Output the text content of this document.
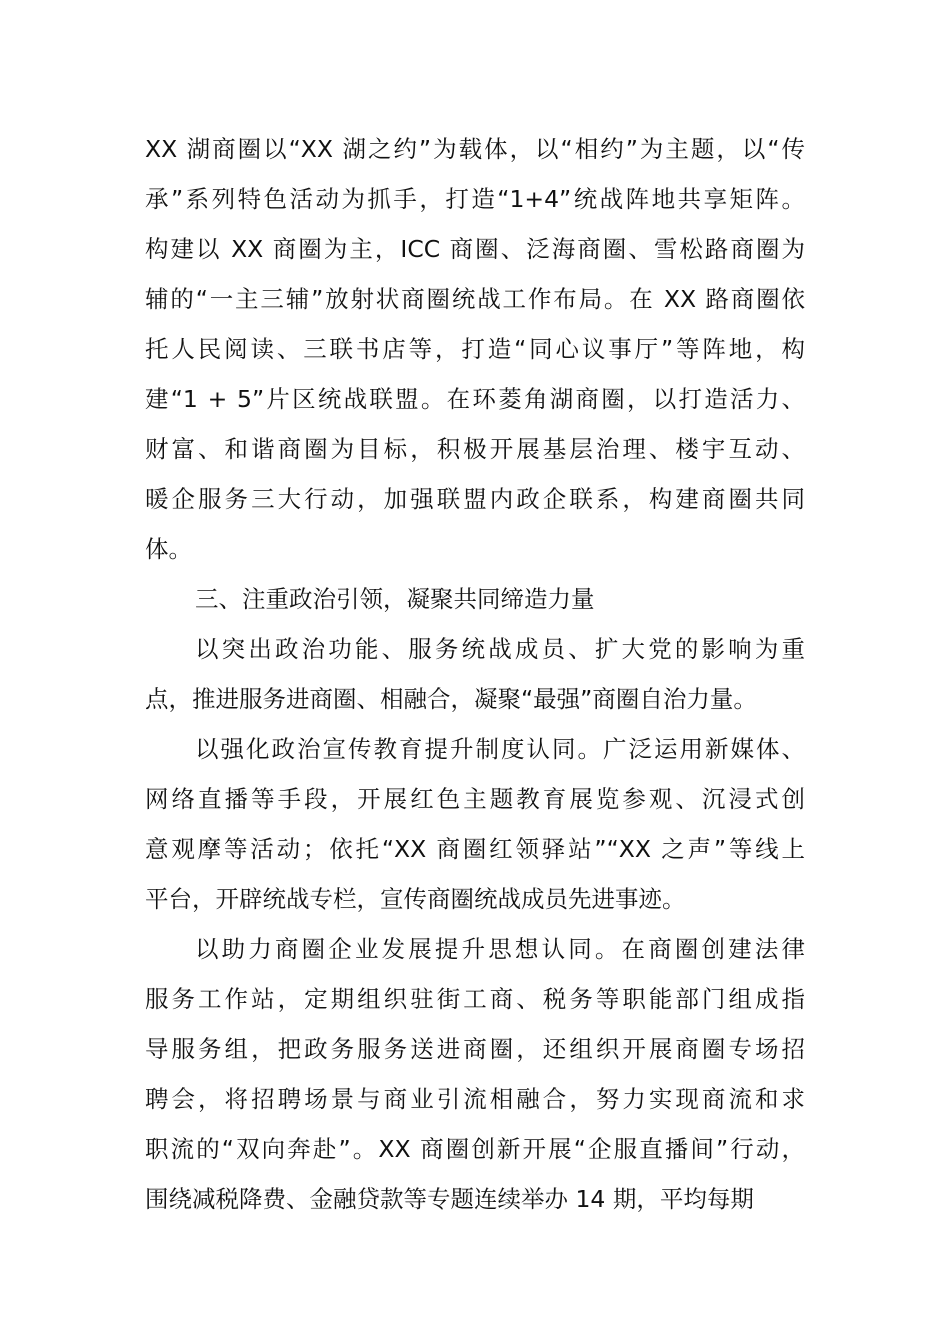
XX 湖商圈以“XX 湖之约”为载体，以“相约”为主题，以“传
承”系列特色活动为抓手，打造“1+4”统战阵地共享矩阵。
构建以 XX 商圈为主，ICC 商圈、泛海商圈、雪松路商圈为
辅的“一主三辅”放射状商圈统战工作布局。在 XX 路商圈依
托人民阅读、三联书店等，打造“同心议事厅”等阵地，构
建“1 + 5”片区统战联盟。在环菱角湖商圈，以打造活力、
财富、和谐商圈为目标，积极开展基层治理、楼宇互动、
暖企服务三大行动，加强联盟内政企联系，构建商圈共同
体。
三、注重政治引领，凝聚共同缔造力量
以突出政治功能、服务统战成员、扩大党的影响为重
点，推进服务进商圈、相融合，凝聚“最强”商圈自治力量。
以强化政治宣传教育提升制度认同。广泛运用新媒体、
网络直播等手段，开展红色主题教育展览参观、沉浸式创
意观摩等活动；依托“XX 商圈红领驿站”“XX 之声”等线上
平台，开辟统战专栏，宣传商圈统战成员先进事迹。
以助力商圈企业发展提升思想认同。在商圈创建法律
服务工作站，定期组织驻街工商、税务等职能部门组成指
导服务组，把政务服务送进商圈，还组织开展商圈专场招
聘会，将招聘场景与商业引流相融合，努力实现商流和求
职流的“双向奔赴”。XX 商圈创新开展“企服直播间”行动，
围绕减税降费、金融贷款等专题连续举办 14 期，平均每期
